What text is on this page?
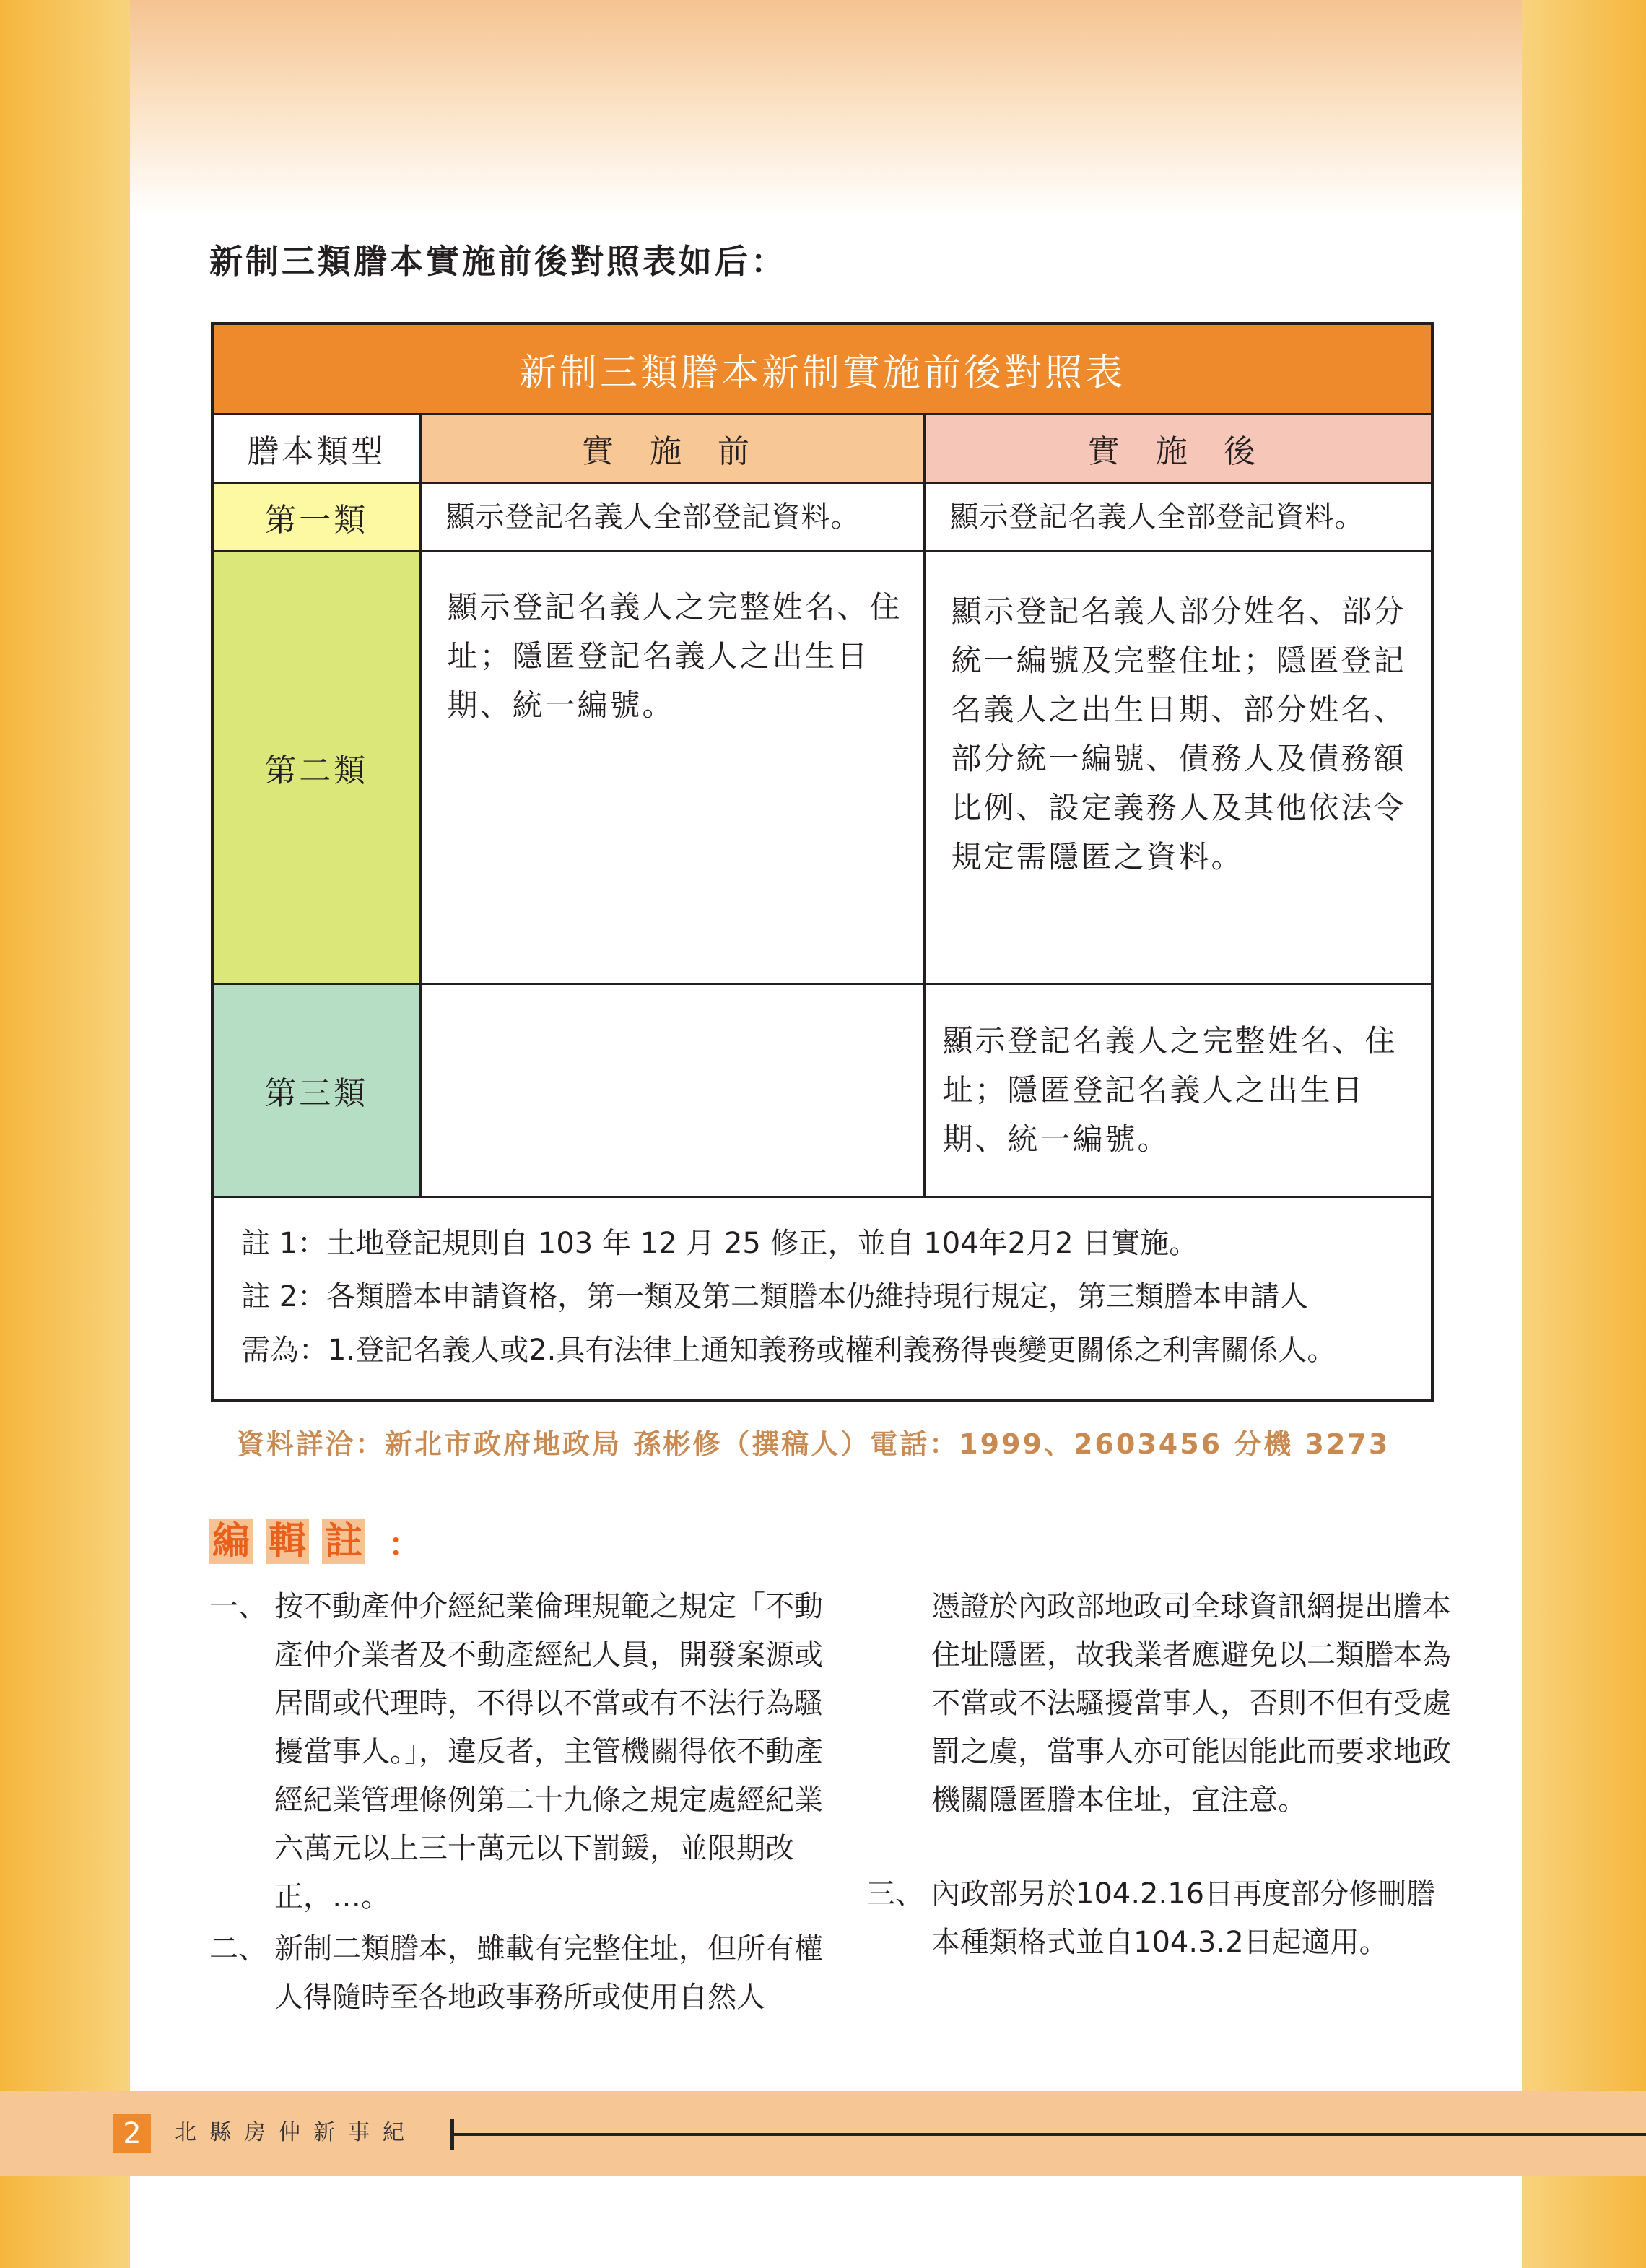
新制三類謄本實施前後對照表如后：
新制三類謄本新制實施前後對照表		
謄本類型	實 施 前	實 施 後
第一類	顯示登記名義人全部登記資料。	顯示登記名義人全部登記資料。
第二類	顯示登記名義人之完整姓名、住址；隱匿登記名義人之出生日期、統一編號。	顯示登記名義人部分姓名、部分統一編號及完整住址；隱匿登記名義人之出生日期、部分姓名、部分統一編號、債務人及債務額比例、設定義務人及其他依法令規定需隱匿之資料。
第三類		顯示登記名義人之完整姓名、住址；隱匿登記名義人之出生日期、統一編號。

註 1：土地登記規則自 103 年 12 月 25 修正，並自 104年2月2 日實施。
註 2：各類謄本申請資格，第一類及第二類謄本仍維持現行規定，第三類謄本申請人
需為：1.登記名義人或2.具有法律上通知義務或權利義務得喪變更關係之利害關係人。		
資料詳洽：新北市政府地政局 孫彬修（撰稿人）電話：1999、2603456 分機 3273
編 輯 註 ：
一、 按不動產仲介經紀業倫理規範之規定「不動產仲介業者及不動產經紀人員，開發案源或居間或代理時，不得以不當或有不法行為騷擾當事人。」，違反者，主管機關得依不動產經紀業管理條例第二十九條之規定處經紀業六萬元以上三十萬元以下罰鍰，並限期改正，…。
二、 新制二類謄本，雖載有完整住址，但所有權人得隨時至各地政事務所或使用自然人
憑證於內政部地政司全球資訊網提出謄本住址隱匿，故我業者應避免以二類謄本為不當或不法騷擾當事人，否則不但有受處罰之虞，當事人亦可能因能此而要求地政機關隱匿謄本住址，宜注意。
三、 內政部另於104.2.16日再度部分修刪謄本種類格式並自104.3.2日起適用。
2	北縣房仲新事紀
